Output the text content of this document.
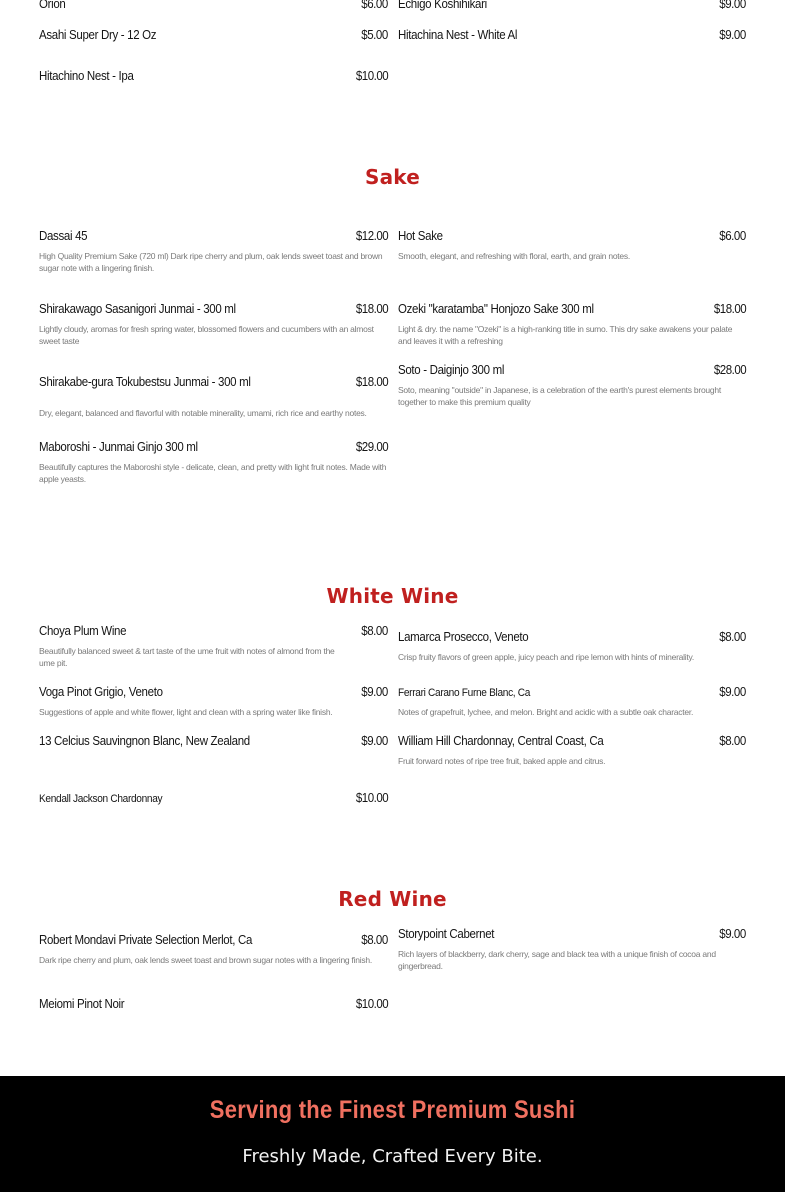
Orion	$6.00 Echigo Koshihikari	$9.00
Asahi Super Dry - 12 Oz	$5.00 Hitachina Nest - White Al	$9.00
Hitachino Nest - Ipa	$10.00
Sake
Dassai 45	$12.00
High Quality Premium Sake (720 ml) Dark ripe cherry and plum, oak lends sweet toast and brown sugar note with a lingering finish.
Hot Sake	$6.00
Smooth, elegant, and refreshing with floral, earth, and grain notes.
Shirakawago Sasanigori Junmai - 300 ml	$18.00
Lightly cloudy, aromas for fresh spring water, blossomed flowers and cucumbers with an almost sweet taste
Ozeki "karatamba" Honjozo Sake 300 ml	$18.00
Light & dry. the name "Ozeki" is a high-ranking title in sumo. This dry sake awakens your palate and leaves it with a refreshing
Shirakabe-gura Tokubestsu Junmai - 300 ml	$18.00
Dry, elegant, balanced and flavorful with notable minerality, umami, rich rice and earthy notes.
Soto - Daiginjo 300 ml	$28.00
Soto, meaning "outside" in Japanese, is a celebration of the earth's purest elements brought together to make this premium quality
Maboroshi - Junmai Ginjo 300 ml	$29.00
Beautifully captures the Maboroshi style - delicate, clean, and pretty with light fruit notes. Made with apple yeasts.
White Wine
Choya Plum Wine	$8.00
Beautifully balanced sweet & tart taste of the ume fruit with notes of almond from the ume pit.
Lamarca Prosecco, Veneto	$8.00
Crisp fruity flavors of green apple, juicy peach and ripe lemon with hints of minerality.
Voga Pinot Grigio, Veneto	$9.00
Suggestions of apple and white flower, light and clean with a spring water like finish.
Ferrari Carano Furne Blanc, Ca	$9.00
Notes of grapefruit, lychee, and melon. Bright and acidic with a subtle oak character.
13 Celcius Sauvingnon Blanc, New Zealand	$9.00 William Hill Chardonnay, Central Coast, Ca	$8.00
Fruit forward notes of ripe tree fruit, baked apple and citrus.
Kendall Jackson Chardonnay	$10.00
Red Wine
Robert Mondavi Private Selection Merlot, Ca	$8.00
Dark ripe cherry and plum, oak lends sweet toast and brown sugar notes with a lingering finish.
Storypoint Cabernet	$9.00
Rich layers of blackberry, dark cherry, sage and black tea with a unique finish of cocoa and gingerbread.
Meiomi Pinot Noir	$10.00
Serving the Finest Premium Sushi
Freshly Made, Crafted Every Bite.
